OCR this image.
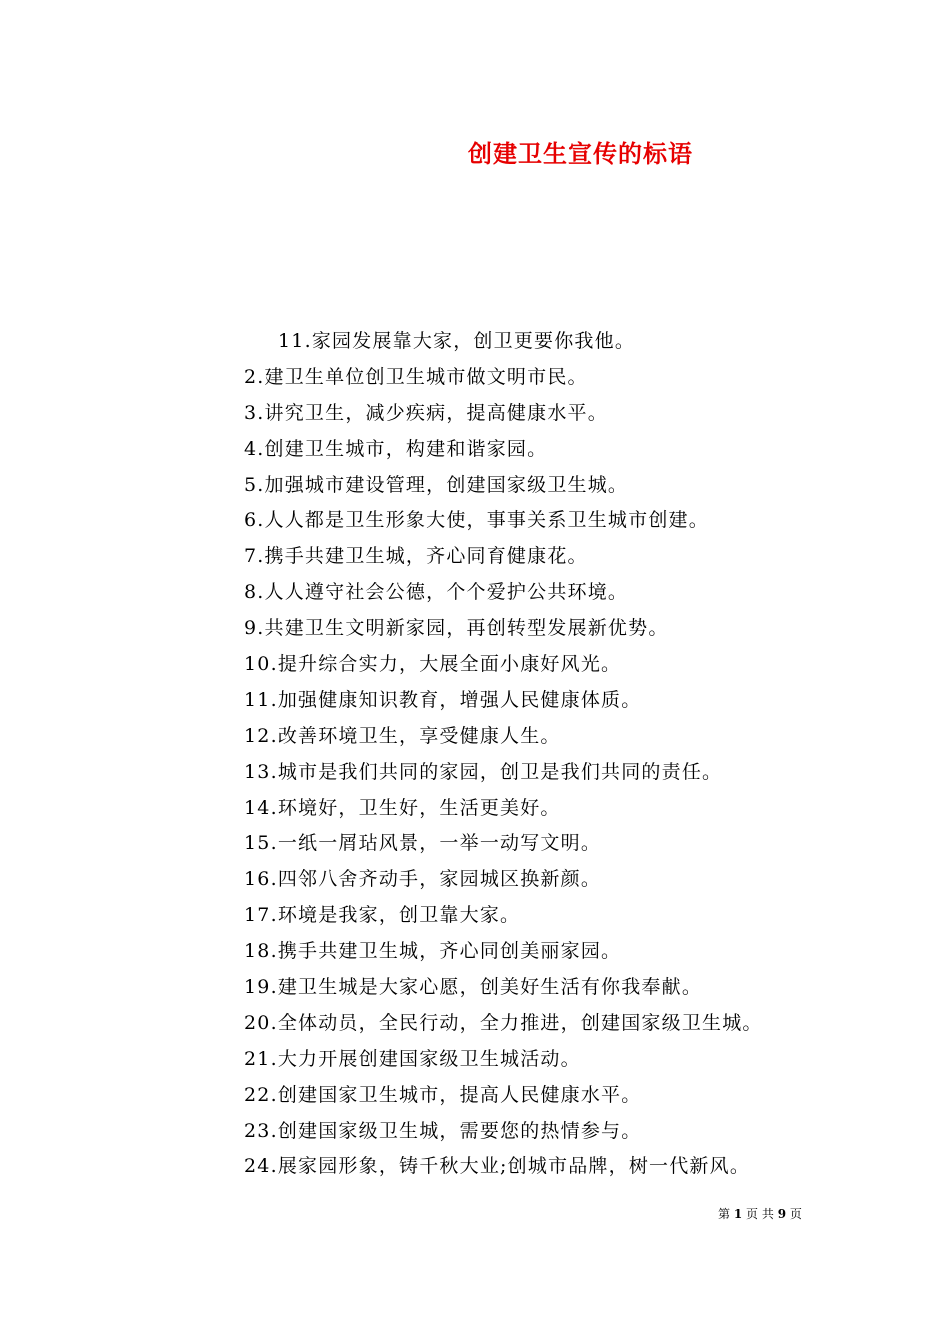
创建卫生宣传的标语
11.家园发展靠大家，创卫更要你我他。
2.建卫生单位创卫生城市做文明市民。
3.讲究卫生，减少疾病，提高健康水平。
4.创建卫生城市，构建和谐家园。
5.加强城市建设管理，创建国家级卫生城。
6.人人都是卫生形象大使，事事关系卫生城市创建。
7.携手共建卫生城，齐心同育健康花。
8.人人遵守社会公德，个个爱护公共环境。
9.共建卫生文明新家园，再创转型发展新优势。
10.提升综合实力，大展全面小康好风光。
11.加强健康知识教育，增强人民健康体质。
12.改善环境卫生，享受健康人生。
13.城市是我们共同的家园，创卫是我们共同的责任。
14.环境好，卫生好，生活更美好。
15.一纸一屑玷风景，一举一动写文明。
16.四邻八舍齐动手，家园城区换新颜。
17.环境是我家，创卫靠大家。
18.携手共建卫生城，齐心同创美丽家园。
19.建卫生城是大家心愿，创美好生活有你我奉献。
20.全体动员，全民行动，全力推进，创建国家级卫生城。
21.大力开展创建国家级卫生城活动。
22.创建国家卫生城市，提高人民健康水平。
23.创建国家级卫生城，需要您的热情参与。
24.展家园形象，铸千秋大业;创城市品牌，树一代新风。
第 1 页 共 9 页
